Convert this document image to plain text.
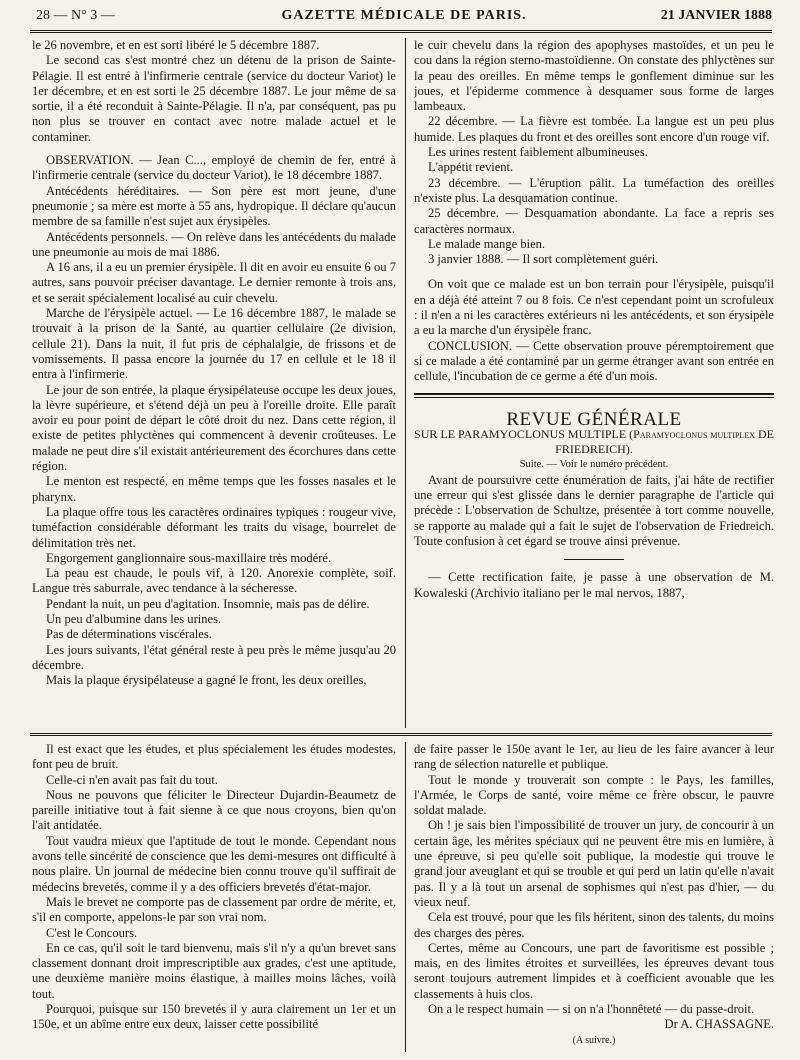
28 — N° 3 —	GAZETTE MÉDICALE DE PARIS.	21 JANVIER 1888

le 26 novembre, et en est sorti libéré le 5 décembre 1887.

Le second cas s'est montré chez un détenu de la prison de Sainte-Pélagie. Il est entré à l'infirmerie centrale (service du docteur Variot) le 1er décembre, et en est sorti le 25 décembre 1887. Le jour même de sa sortie, il a été reconduit à Sainte-Pélagie. Il n'a, par conséquent, pas pu non plus se trouver en contact avec notre malade actuel et le contaminer.

OBSERVATION. — Jean C..., employé de chemin de fer, entré à l'infirmerie centrale (service du docteur Variot), le 18 décembre 1887.

Antécédents héréditaires. — Son père est mort jeune, d'une pneumonie ; sa mère est morte à 55 ans, hydropique. Il déclare qu'aucun membre de sa famille n'est sujet aux érysipèles.

Antécédents personnels. — On relève dans les antécédents du malade une pneumonie au mois de mai 1886.

A 16 ans, il a eu un premier érysipèle. Il dit en avoir eu ensuite 6 ou 7 autres, sans pouvoir préciser davantage. Le dernier remonte à trois ans, et se serait spécialement localisé au cuir chevelu.

Marche de l'érysipèle actuel. — Le 16 décembre 1887, le malade se trouvait à la prison de la Santé, au quartier cellulaire (2e division, cellule 21). Dans la nuit, il fut pris de céphalalgie, de frissons et de vomissements. Il passa encore la journée du 17 en cellule et le 18 il entra à l'infirmerie.

Le jour de son entrée, la plaque érysipélateuse occupe les deux joues, la lèvre supérieure, et s'étend déjà un peu à l'oreille droite. Elle paraît avoir eu pour point de départ le côté droit du nez. Dans cette région, il existe de petites phlyctènes qui commencent à devenir croûteuses. Le malade ne peut dire s'il existait antérieurement des écorchures dans cette région.

Le menton est respecté, en même temps que les fosses nasales et le pharynx.

La plaque offre tous les caractères ordinaires typiques : rougeur vive, tuméfaction considérable déformant les traits du visage, bourrelet de délimitation très net.

Engorgement ganglionnaire sous-maxillaire très modéré.

La peau est chaude, le pouls vif, à 120. Anorexie complète, soif. Langue très saburrale, avec tendance à la sécheresse.

Pendant la nuit, un peu d'agitation. Insomnie, mais pas de délire.

Un peu d'albumine dans les urines.

Pas de déterminations viscérales.

Les jours suivants, l'état général reste à peu près le même jusqu'au 20 décembre.

Mais la plaque érysipélateuse a gagné le front, les deux oreilles,

le cuir chevelu dans la région des apophyses mastoïdes, et un peu le cou dans la région sterno-mastoïdienne. On constate des phlyctènes sur la peau des oreilles. En même temps le gonflement diminue sur les joues, et l'épiderme commence à desquamer sous forme de larges lambeaux.

22 décembre. — La fièvre est tombée. La langue est un peu plus humide. Les plaques du front et des oreilles sont encore d'un rouge vif.

Les urines restent faiblement albumineuses.

L'appétit revient.

23 décembre. — L'éruption pâlit. La tuméfaction des oreilles n'existe plus. La desquamation continue.

25 décembre. — Desquamation abondante. La face a repris ses caractères normaux.

Le malade mange bien.

3 janvier 1888. — Il sort complètement guéri.

On voit que ce malade est un bon terrain pour l'érysipèle, puisqu'il en a déjà été atteint 7 ou 8 fois. Ce n'est cependant point un scrofuleux : il n'en a ni les caractères extérieurs ni les antécédents, et son érysipèle a eu la marche d'un érysipèle franc.

CONCLUSION. — Cette observation prouve péremptoirement que si ce malade a été contaminé par un germe étranger avant son entrée en cellule, l'incubation de ce germe a été d'un mois.

REVUE GÉNÉRALE

SUR LE PARAMYOCLONUS MULTIPLE (Paramyoclonus multiplex DE FRIEDREICH).

Suite. — Voir le numéro précédent.

Avant de poursuivre cette énumération de faits, j'ai hâte de rectifier une erreur qui s'est glissée dans le dernier paragraphe de l'article qui précède : L'observation de Schultze, présentée à tort comme nouvelle, se rapporte au malade qui a fait le sujet de l'observation de Friedreich. Toute confusion à cet égard se trouve ainsi prévenue.

— Cette rectification faite, je passe à une observation de M. Kowaleski (Archivio italiano per le mal nervos, 1887,

Il est exact que les études, et plus spécialement les études modestes, font peu de bruit.

Celle-ci n'en avait pas fait du tout.

Nous ne pouvons que féliciter le Directeur Dujardin-Beaumetz de pareille initiative tout à fait sienne à ce que nous croyons, bien qu'on l'ait antidatée.

Tout vaudra mieux que l'aptitude de tout le monde. Cependant nous avons telle sincérité de conscience que les demi-mesures ont difficulté à nous plaire. Un journal de médecine bien connu trouve qu'il suffirait de médecins brevetés, comme il y a des officiers brevetés d'état-major.

Mais le brevet ne comporte pas de classement par ordre de mérite, et, s'il en comporte, appelons-le par son vrai nom.

C'est le Concours.

En ce cas, qu'il soit le tard bienvenu, mais s'il n'y a qu'un brevet sans classement donnant droit imprescriptible aux grades, c'est une aptitude, une deuxième manière moins élastique, à mailles moins lâches, voilà tout.

Pourquoi, puisque sur 150 brevetés il y aura clairement un 1er et un 150e, et un abîme entre eux deux, laisser cette possibilité

de faire passer le 150e avant le 1er, au lieu de les faire avancer à leur rang de sélection naturelle et publique.

Tout le monde y trouverait son compte : le Pays, les familles, l'Armée, le Corps de santé, voire même ce frère obscur, le pauvre soldat malade.

Oh ! je sais bien l'impossibilité de trouver un jury, de concourir à un certain âge, les mérites spéciaux qui ne peuvent être mis en lumière, à une épreuve, si peu qu'elle soit publique, la modestie qui trouve le grand jour aveuglant et qui se trouble et qui perd un latin qu'elle n'avait pas. Il y a là tout un arsenal de sophismes qui n'est pas d'hier, — du vieux neuf.

Cela est trouvé, pour que les fils héritent, sinon des talents, du moins des charges des pères.

Certes, même au Concours, une part de favoritisme est possible ; mais, en des limites étroites et surveillées, les épreuves devant tous seront toujours autrement limpides et à coefficient avouable que les classements à huis clos.

On a le respect humain — si on n'a l'honnêteté — du passe-droit.

Dr A. CHASSAGNE.

(A suivre.)
